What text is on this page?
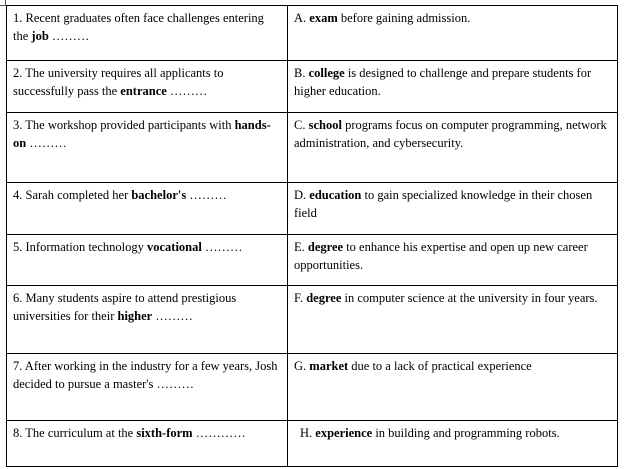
1. Recent graduates often face challenges entering the job ………	A. exam before gaining admission.
2. The university requires all applicants to successfully pass the entrance ………	B. college is designed to challenge and prepare students for higher education.
3. The workshop provided participants with hands-on ………	C. school programs focus on computer programming, network administration, and cybersecurity.
4. Sarah completed her bachelor's ………	D. education to gain specialized knowledge in their chosen field
5. Information technology vocational ………	E. degree to enhance his expertise and open up new career opportunities.
6. Many students aspire to attend prestigious universities for their higher ………	F. degree in computer science at the university in four years.
7. After working in the industry for a few years, Josh decided to pursue a master's ………	G. market due to a lack of practical experience
8. The curriculum at the sixth-form …………	H. experience in building and programming robots.
